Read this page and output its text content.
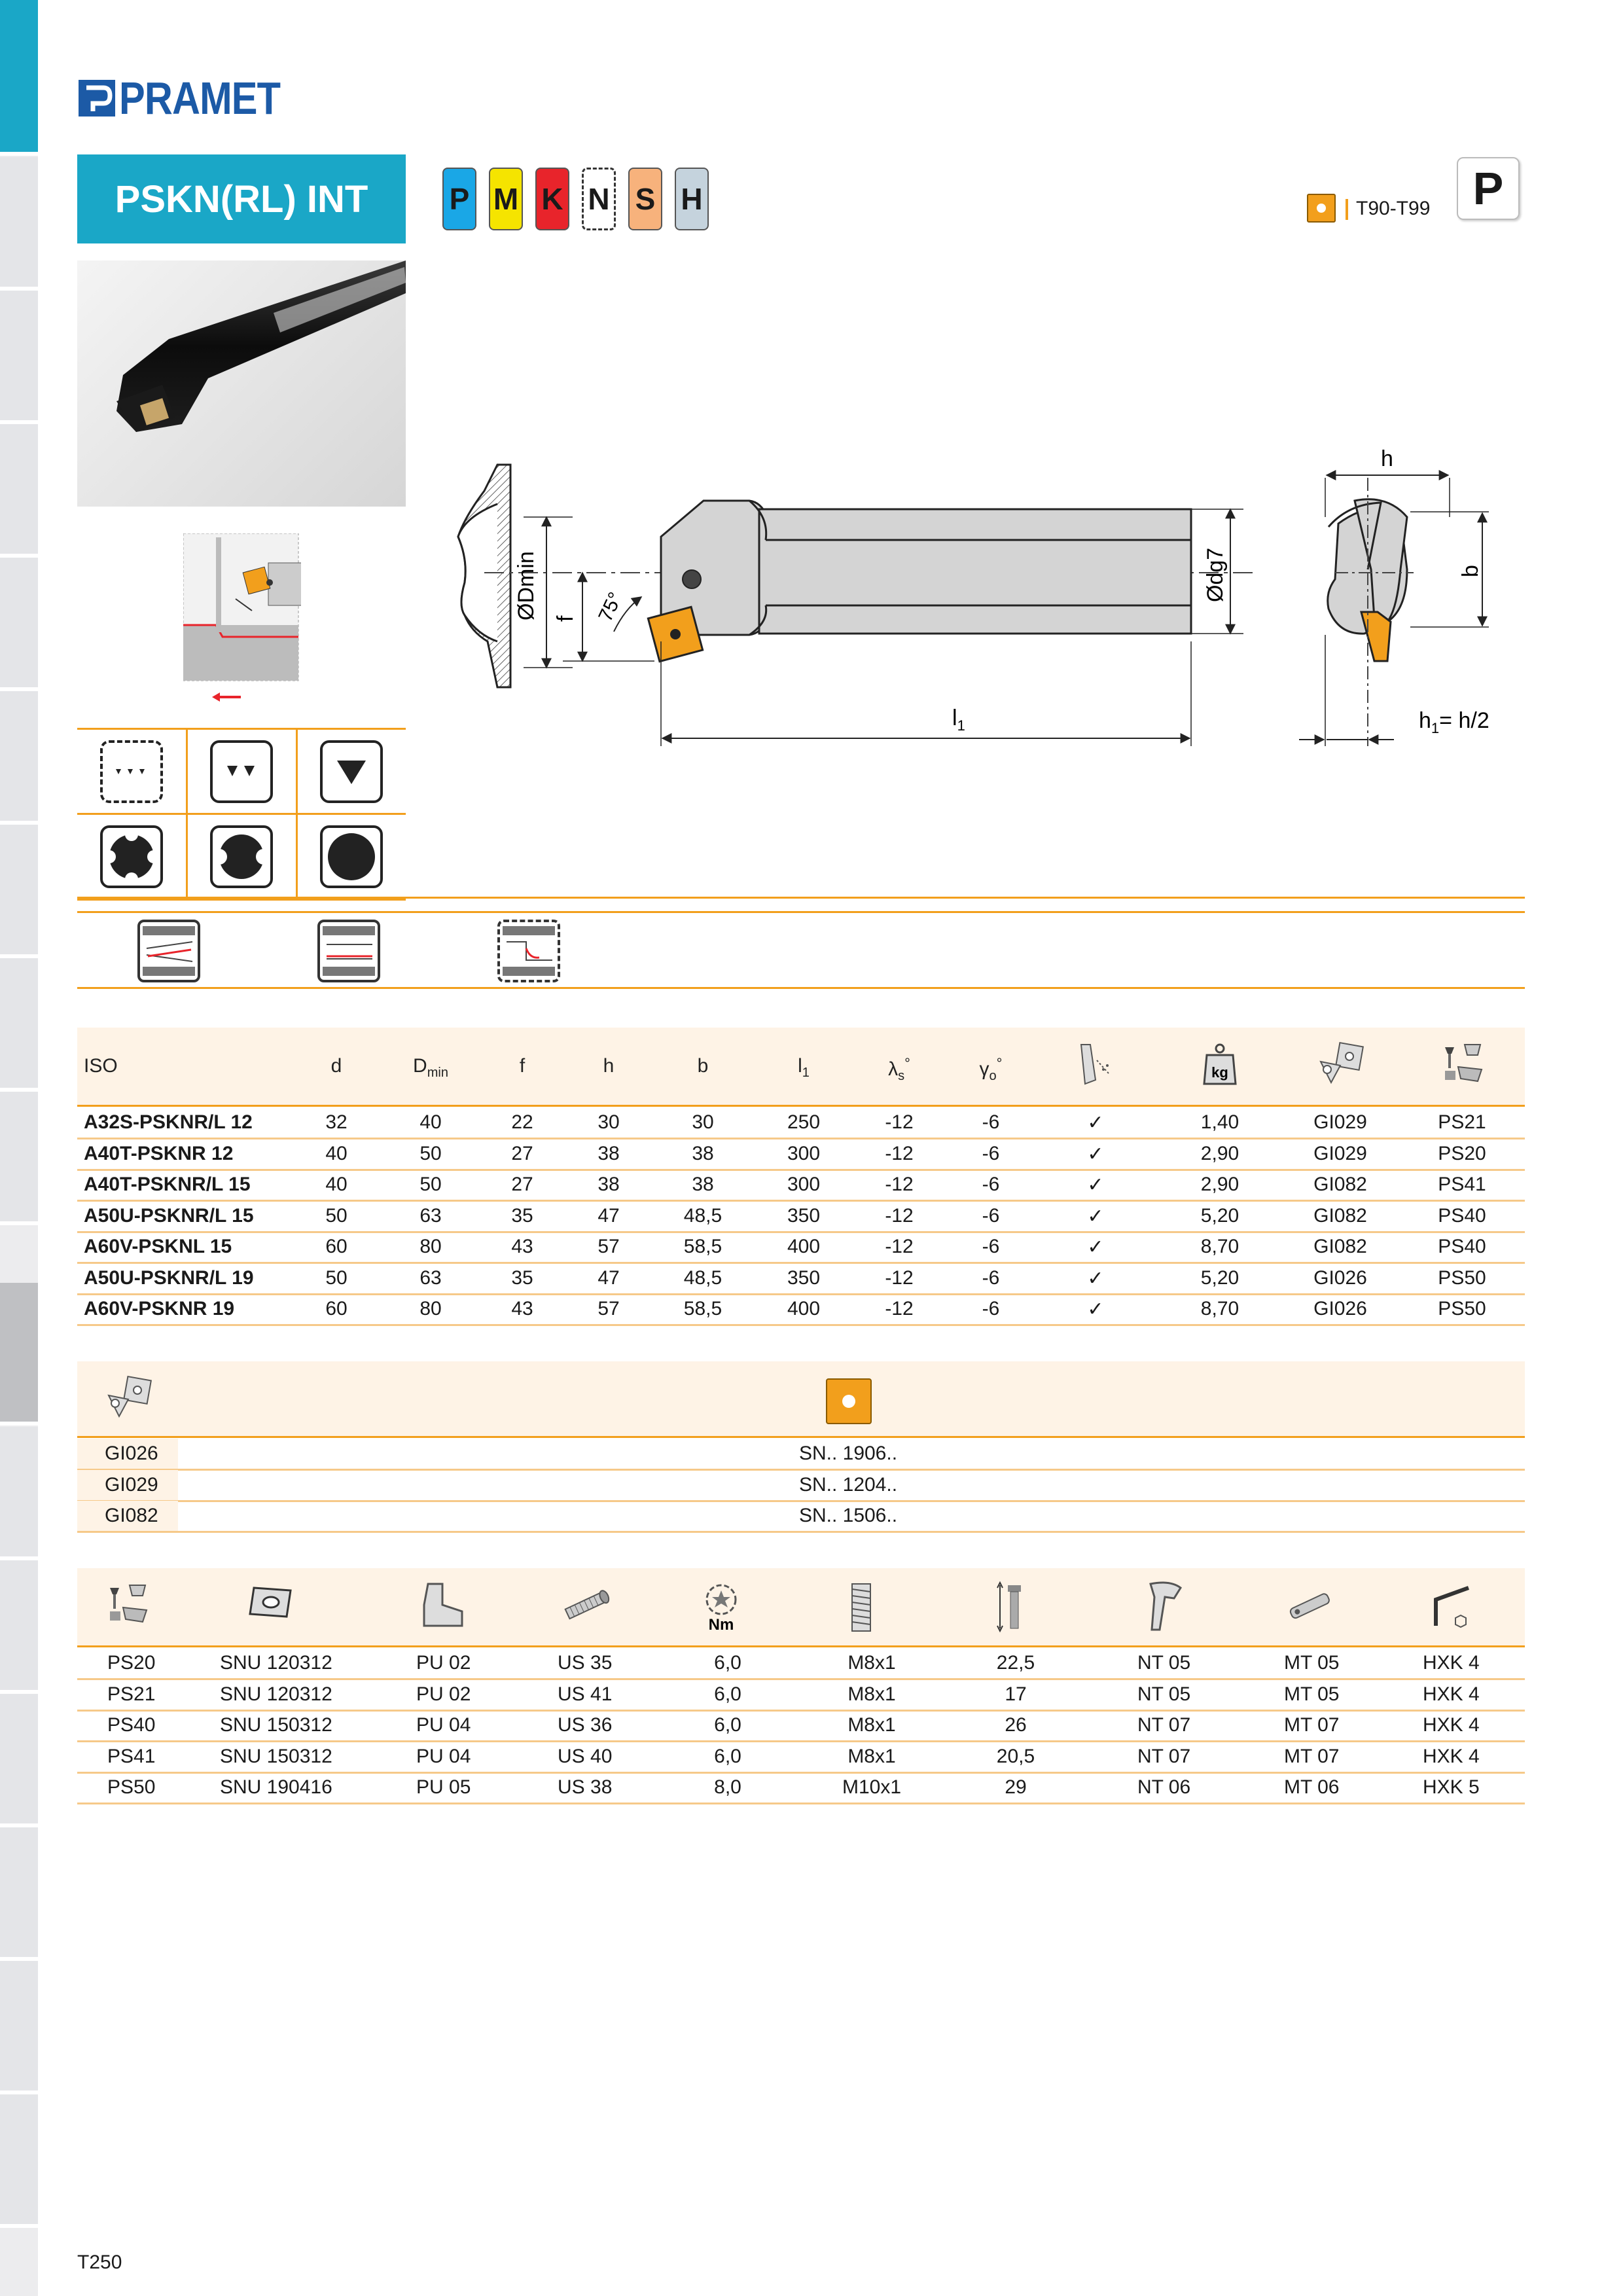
PRAMET
PSKN(RL) INT	P M K N S H	T90-T99 P
ØDmin f 75°
Ødg7
$l_1$
h
b
$h_1= h/2$
ISO	d	$D_{min}$	f	h	b	$l_1$	$\lambda_s^\circ$	$\gamma_o^\circ$
kg
A32S-PSKNR/L 12	32	40	22	30	30	250	-12	-6	✓	1,40	GI029	PS21
A40T-PSKNR 12	40	50	27	38	38	300	-12	-6	✓	2,90	GI029	PS20
A40T-PSKNR/L 15	40	50	27	38	38	300	-12	-6	✓	2,90	GI082	PS41
A50U-PSKNR/L 15	50	63	35	47	48,5	350	-12	-6	✓	5,20	GI082	PS40
A60V-PSKNL 15	60	80	43	57	58,5	400	-12	-6	✓	8,70	GI082	PS40
A50U-PSKNR/L 19	50	63	35	47	48,5	350	-12	-6	✓	5,20	GI026	PS50
A60V-PSKNR 19	60	80	43	57	58,5	400	-12	-6	✓	8,70	GI026	PS50
GI026	SN.. 1906..
GI029	SN.. 1204..
GI082	SN.. 1506..
Nm
PS20	SNU 120312	PU 02	US 35	6,0	M8x1	22,5	NT 05	MT 05	HXK 4
PS21	SNU 120312	PU 02	US 41	6,0	M8x1	17	NT 05	MT 05	HXK 4
PS40	SNU 150312	PU 04	US 36	6,0	M8x1	26	NT 07	MT 07	HXK 4
PS41	SNU 150312	PU 04	US 40	6,0	M8x1	20,5	NT 07	MT 07	HXK 4
PS50	SNU 190416	PU 05	US 38	8,0	M10x1	29	NT 06	MT 06	HXK 5
T250
